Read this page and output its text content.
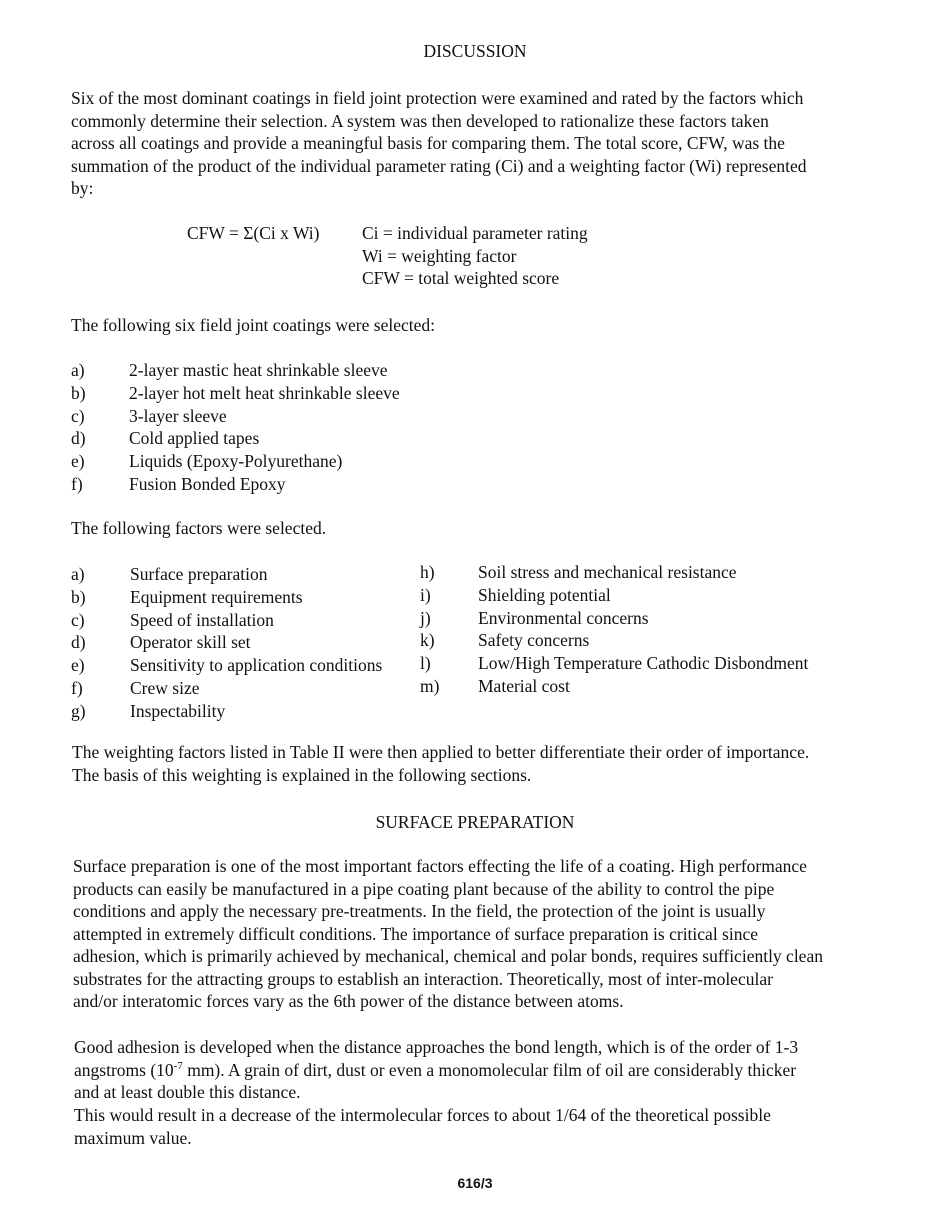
DISCUSSION

Six of the most dominant coatings in field joint protection were examined and rated by the factors which
commonly determine their selection. A system was then developed to rationalize these factors taken
across all coatings and provide a meaningful basis for comparing them. The total score, CFW, was the
summation of the product of the individual parameter rating (Ci) and a weighting factor (Wi) represented
by:

CFW = Σ(Ci x Wi) Ci = individual parameter rating
Wi = weighting factor
CFW = total weighted score

The following six field joint coatings were selected:

a)	2-layer mastic heat shrinkable sleeve
b) 2-layer hot melt heat shrinkable sleeve
c)	3-layer sleeve
d) Cold applied tapes
e)	Liquids (Epoxy-Polyurethane)
f)	Fusion Bonded Epoxy

The following factors were selected.

a)	Surface preparation
b)	Equipment requirements
c)	Speed of installation
d)	Operator skill set
e)	Sensitivity to application conditions
f)	Crew size
g)	Inspectability
h) Soil stress and mechanical resistance
i)	Shielding potential
j)	Environmental concerns
k) Safety concerns
l)	Low/High Temperature Cathodic Disbondment
m) Material cost

The weighting factors listed in Table II were then applied to better differentiate their order of importance.
The basis of this weighting is explained in the following sections.

SURFACE PREPARATION

Surface preparation is one of the most important factors effecting the life of a coating. High performance
products can easily be manufactured in a pipe coating plant because of the ability to control the pipe
conditions and apply the necessary pre-treatments. In the field, the protection of the joint is usually
attempted in extremely difficult conditions. The importance of surface preparation is critical since
adhesion, which is primarily achieved by mechanical, chemical and polar bonds, requires sufficiently clean
substrates for the attracting groups to establish an interaction. Theoretically, most of inter-molecular
and/or interatomic forces vary as the 6th power of the distance between atoms.

Good adhesion is developed when the distance approaches the bond length, which is of the order of 1-3
angstroms ($10^{-7}$ mm). A grain of dirt, dust or even a monomolecular film of oil are considerably thicker
and at least double this distance.

This would result in a decrease of the intermolecular forces to about 1/64 of the theoretical possible
maximum value.

616/3
